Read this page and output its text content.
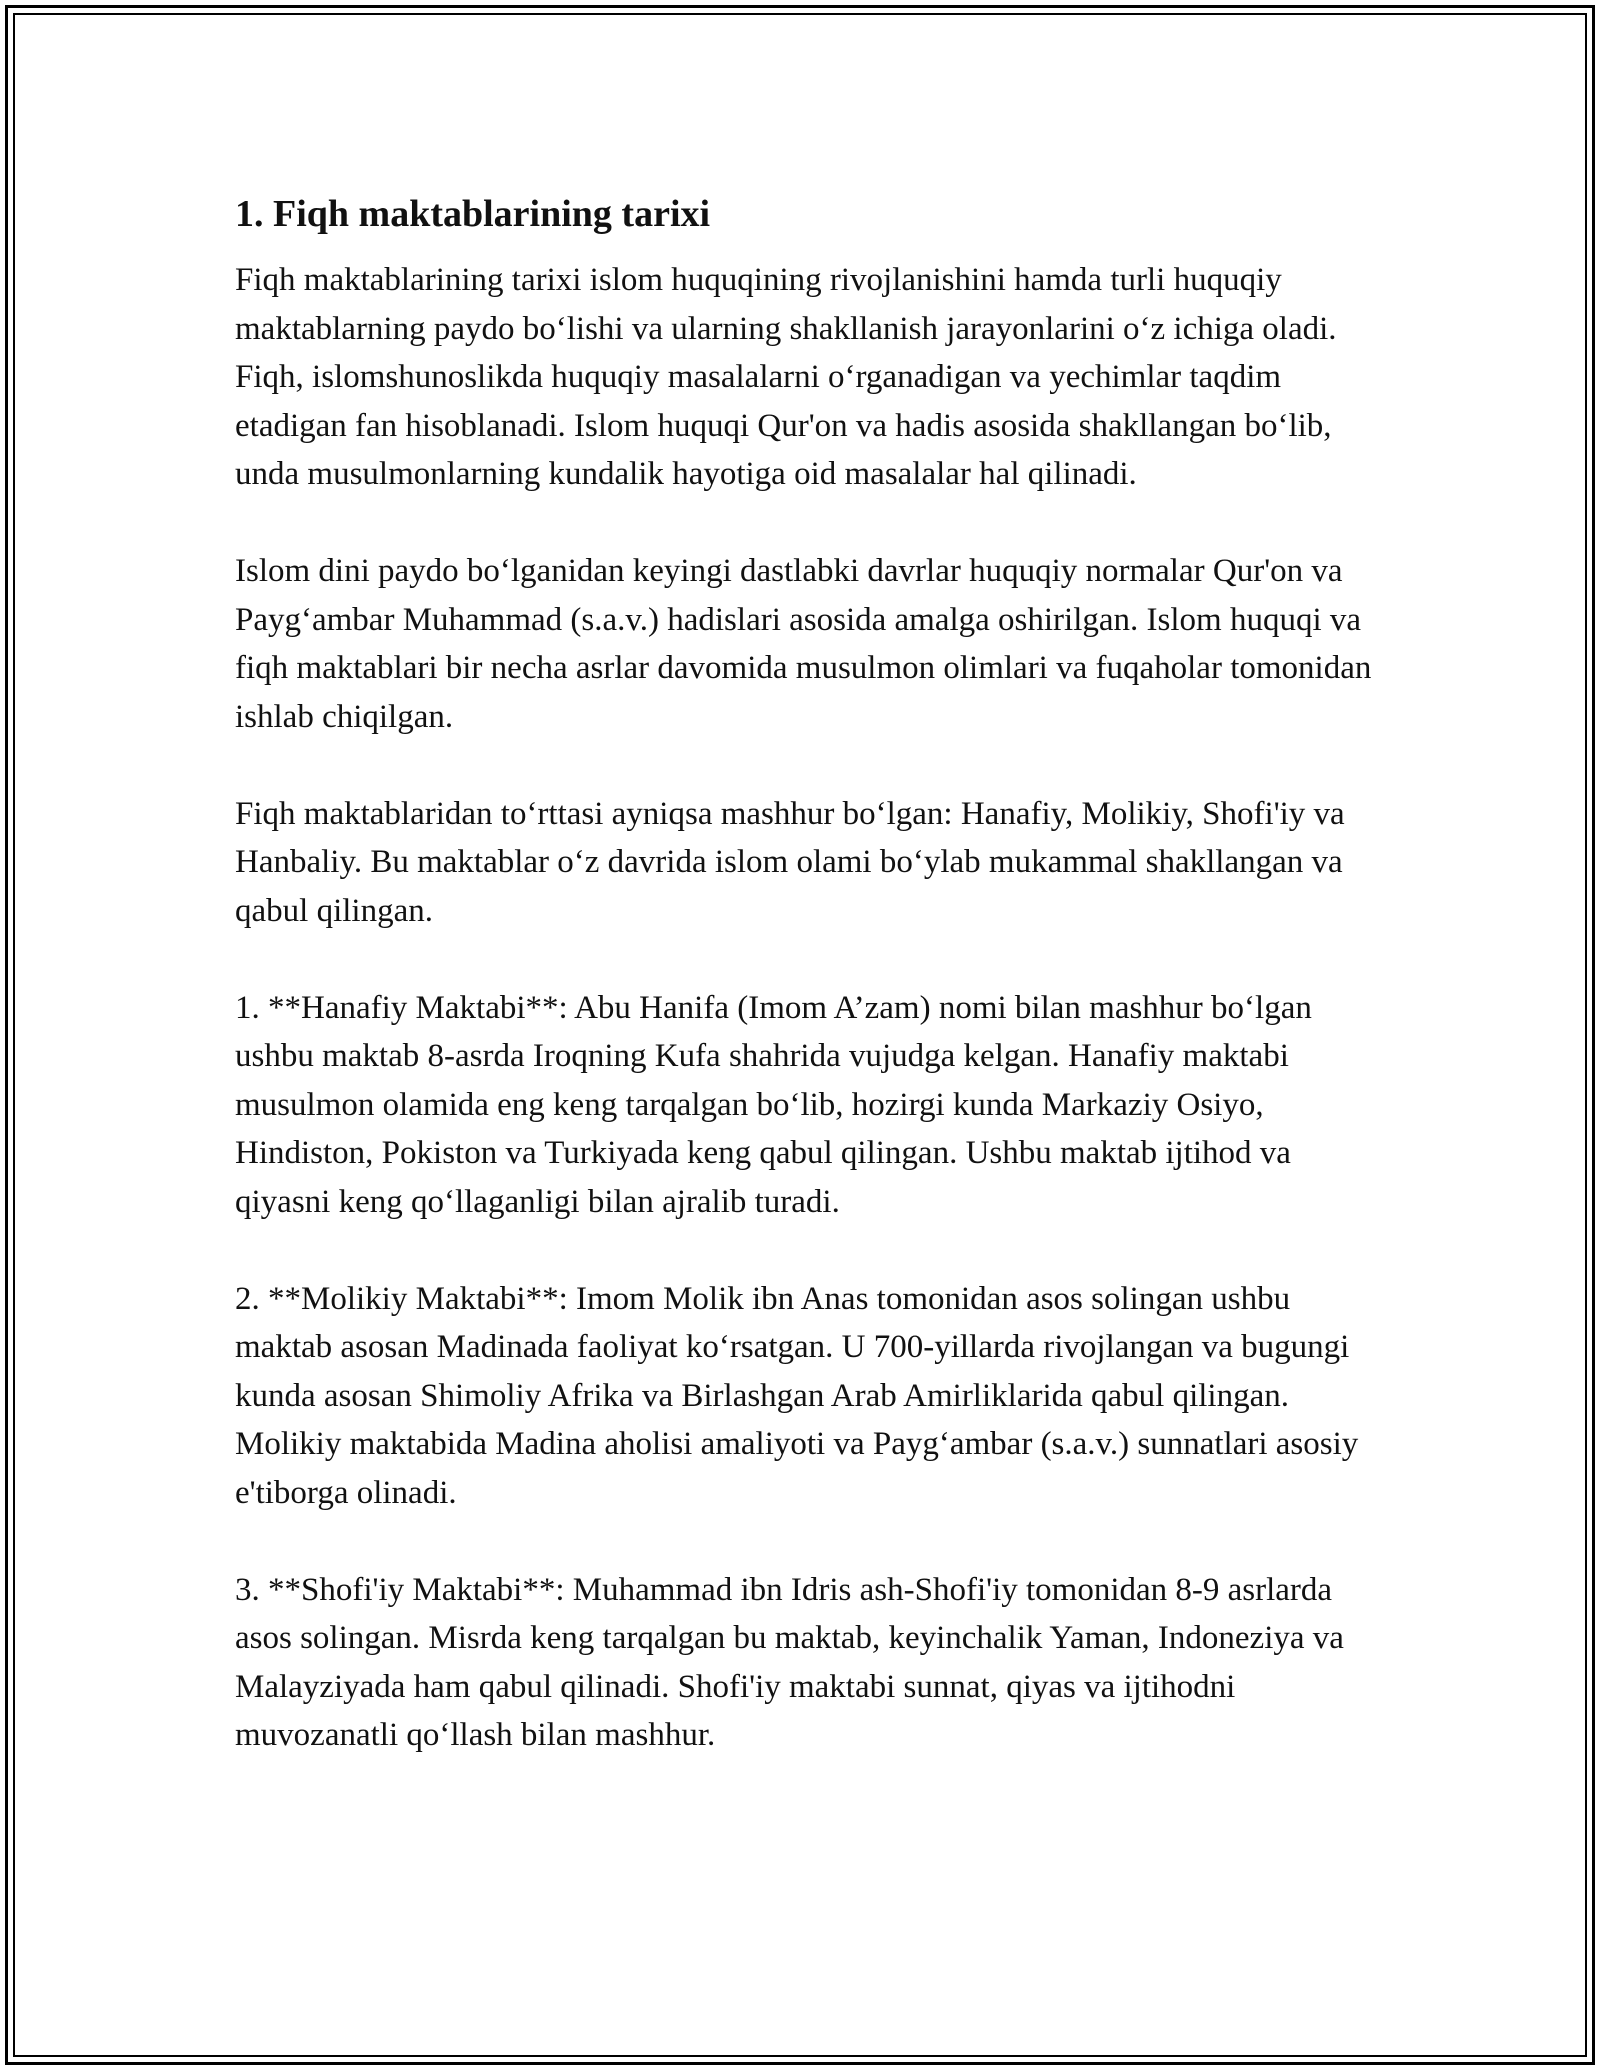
1. Fiqh maktablarining tarixi

Fiqh maktablarining tarixi islom huquqining rivojlanishini hamda turli huquqiy maktablarning paydo boʻlishi va ularning shakllanish jarayonlarini oʻz ichiga oladi. Fiqh, islomshunoslikda huquqiy masalalarni oʻrganadigan va yechimlar taqdim etadigan fan hisoblanadi. Islom huquqi Qur'on va hadis asosida shakllangan boʻlib, unda musulmonlarning kundalik hayotiga oid masalalar hal qilinadi.

Islom dini paydo boʻlganidan keyingi dastlabki davrlar huquqiy normalar Qur'on va Paygʻambar Muhammad (s.a.v.) hadislari asosida amalga oshirilgan. Islom huquqi va fiqh maktablari bir necha asrlar davomida musulmon olimlari va fuqaholar tomonidan ishlab chiqilgan.

Fiqh maktablaridan toʻrttasi ayniqsa mashhur boʻlgan: Hanafiy, Molikiy, Shofi'iy va Hanbaliy. Bu maktablar oʻz davrida islom olami boʻylab mukammal shakllangan va qabul qilingan.

1. **Hanafiy Maktabi**: Abu Hanifa (Imom A’zam) nomi bilan mashhur boʻlgan ushbu maktab 8-asrda Iroqning Kufa shahrida vujudga kelgan. Hanafiy maktabi musulmon olamida eng keng tarqalgan boʻlib, hozirgi kunda Markaziy Osiyo, Hindiston, Pokiston va Turkiyada keng qabul qilingan. Ushbu maktab ijtihod va qiyasni keng qoʻllaganligi bilan ajralib turadi.

2. **Molikiy Maktabi**: Imom Molik ibn Anas tomonidan asos solingan ushbu maktab asosan Madinada faoliyat koʻrsatgan. U 700-yillarda rivojlangan va bugungi kunda asosan Shimoliy Afrika va Birlashgan Arab Amirliklarida qabul qilingan. Molikiy maktabida Madina aholisi amaliyoti va Paygʻambar (s.a.v.) sunnatlari asosiy e'tiborga olinadi.

3. **Shofi'iy Maktabi**: Muhammad ibn Idris ash-Shofi'iy tomonidan 8-9 asrlarda asos solingan. Misrda keng tarqalgan bu maktab, keyinchalik Yaman, Indoneziya va Malayziyada ham qabul qilinadi. Shofi'iy maktabi sunnat, qiyas va ijtihodni muvozanatli qoʻllash bilan mashhur.
